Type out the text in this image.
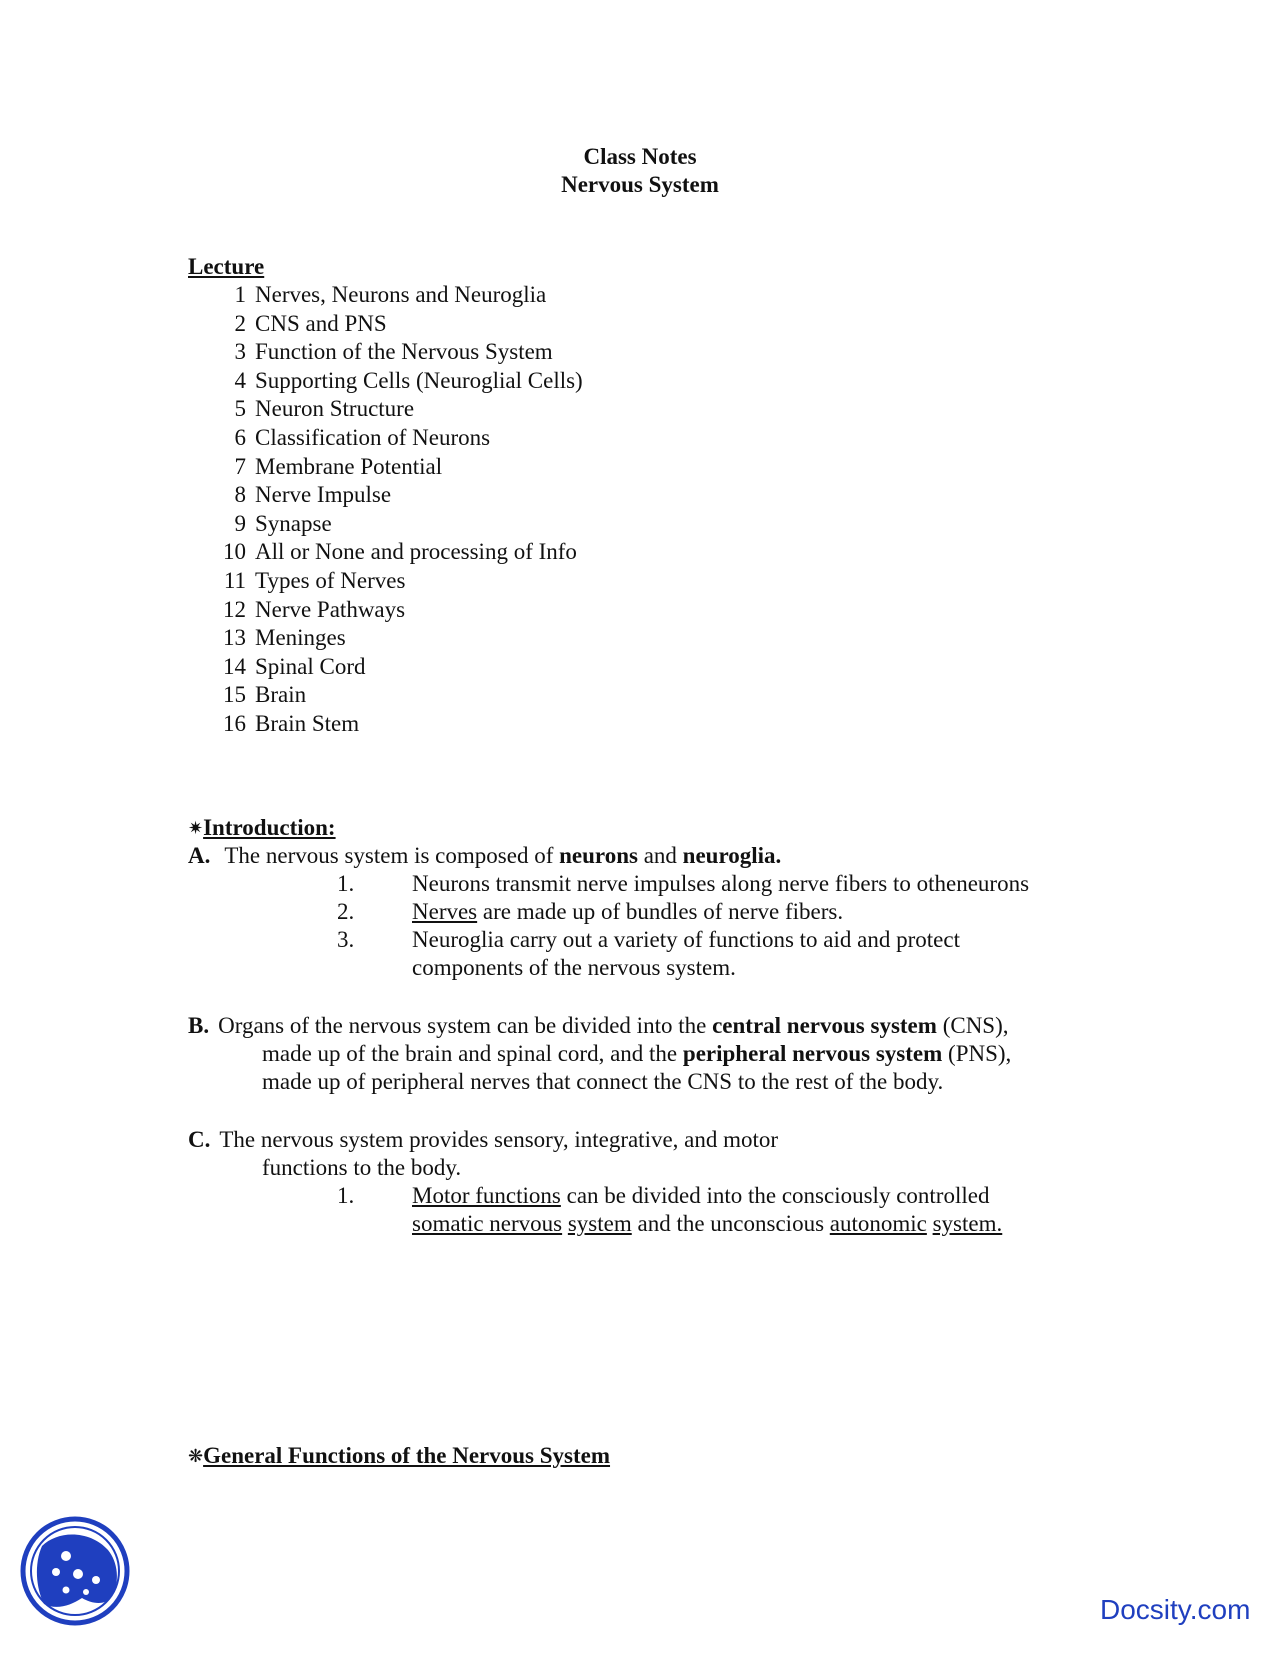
Class Notes
Nervous System
Lecture
1 Nerves, Neurons and Neuroglia
2 CNS and PNS
3 Function of the Nervous System
4 Supporting Cells (Neuroglial Cells)
5 Neuron Structure
6 Classification of Neurons
7 Membrane Potential
8 Nerve Impulse
9 Synapse
10 All or None and processing of Info
11 Types of Nerves
12 Nerve Pathways
13 Meninges
14 Spinal Cord
15 Brain
16 Brain Stem
✷Introduction:
A. The nervous system is composed of neurons and neuroglia.
1.	Neurons transmit nerve impulses along nerve fibers to otheneurons
2.	Nerves are made up of bundles of nerve fibers.
3.	Neuroglia carry out a variety of functions to aid and protect
components of the nervous system.
B. Organs of the nervous system can be divided into the central nervous system (CNS),
made up of the brain and spinal cord, and the peripheral nervous system (PNS),
made up of peripheral nerves that connect the CNS to the rest of the body.
C. The nervous system provides sensory, integrative, and motor
functions to the body.
1.	Motor functions can be divided into the consciously controlled
somatic nervous system and the unconscious autonomic system.
❋General Functions of the Nervous System
Docsity.com
